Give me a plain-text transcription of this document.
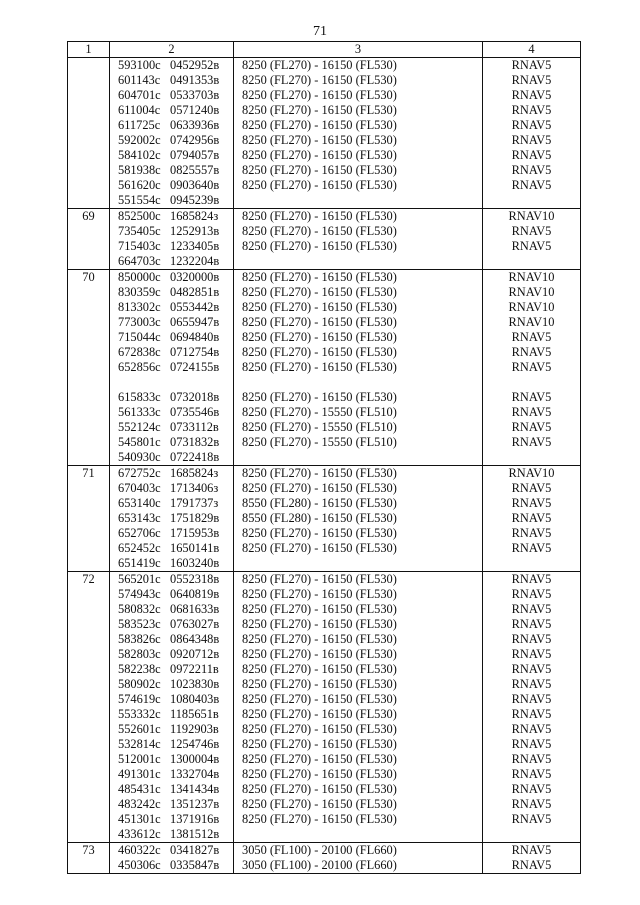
71
1	2	3	4
	593100с 0452952в	8250 (FL270) - 16150 (FL530)	RNAV5
	601143с 0491353в	8250 (FL270) - 16150 (FL530)	RNAV5
	604701с 0533703в	8250 (FL270) - 16150 (FL530)	RNAV5
	611004с 0571240в	8250 (FL270) - 16150 (FL530)	RNAV5
	611725с 0633936в	8250 (FL270) - 16150 (FL530)	RNAV5
	592002с 0742956в	8250 (FL270) - 16150 (FL530)	RNAV5
	584102с 0794057в	8250 (FL270) - 16150 (FL530)	RNAV5
	581938с 0825557в	8250 (FL270) - 16150 (FL530)	RNAV5
	561620с 0903640в	8250 (FL270) - 16150 (FL530)	RNAV5
	551554с 0945239в		
69	852500с 1685824з	8250 (FL270) - 16150 (FL530)	RNAV10
	735405с 1252913в	8250 (FL270) - 16150 (FL530)	RNAV5
	715403с 1233405в	8250 (FL270) - 16150 (FL530)	RNAV5
	664703с 1232204в		
70	850000с 0320000в	8250 (FL270) - 16150 (FL530)	RNAV10
	830359с 0482851в	8250 (FL270) - 16150 (FL530)	RNAV10
	813302с 0553442в	8250 (FL270) - 16150 (FL530)	RNAV10
	773003с 0655947в	8250 (FL270) - 16150 (FL530)	RNAV10
	715044с 0694840в	8250 (FL270) - 16150 (FL530)	RNAV5
	672838с 0712754в	8250 (FL270) - 16150 (FL530)	RNAV5
	652856с 0724155в	8250 (FL270) - 16150 (FL530)	RNAV5

	615833с 0732018в	8250 (FL270) - 16150 (FL530)	RNAV5
	561333с 0735546в	8250 (FL270) - 15550 (FL510)	RNAV5
	552124с 0733112в	8250 (FL270) - 15550 (FL510)	RNAV5
	545801с 0731832в	8250 (FL270) - 15550 (FL510)	RNAV5
	540930с 0722418в		
71	672752с 1685824з	8250 (FL270) - 16150 (FL530)	RNAV10
	670403с 1713406з	8250 (FL270) - 16150 (FL530)	RNAV5
	653140с 1791737з	8550 (FL280) - 16150 (FL530)	RNAV5
	653143с 1751829в	8550 (FL280) - 16150 (FL530)	RNAV5
	652706с 1715953в	8250 (FL270) - 16150 (FL530)	RNAV5
	652452с 1650141в	8250 (FL270) - 16150 (FL530)	RNAV5
	651419с 1603240в		
72	565201с 0552318в	8250 (FL270) - 16150 (FL530)	RNAV5
	574943с 0640819в	8250 (FL270) - 16150 (FL530)	RNAV5
	580832с 0681633в	8250 (FL270) - 16150 (FL530)	RNAV5
	583523с 0763027в	8250 (FL270) - 16150 (FL530)	RNAV5
	583826с 0864348в	8250 (FL270) - 16150 (FL530)	RNAV5
	582803с 0920712в	8250 (FL270) - 16150 (FL530)	RNAV5
	582238с 0972211в	8250 (FL270) - 16150 (FL530)	RNAV5
	580902с 1023830в	8250 (FL270) - 16150 (FL530)	RNAV5
	574619с 1080403в	8250 (FL270) - 16150 (FL530)	RNAV5
	553332с 1185651в	8250 (FL270) - 16150 (FL530)	RNAV5
	552601с 1192903в	8250 (FL270) - 16150 (FL530)	RNAV5
	532814с 1254746в	8250 (FL270) - 16150 (FL530)	RNAV5
	512001с 1300004в	8250 (FL270) - 16150 (FL530)	RNAV5
	491301с 1332704в	8250 (FL270) - 16150 (FL530)	RNAV5
	485431с 1341434в	8250 (FL270) - 16150 (FL530)	RNAV5
	483242с 1351237в	8250 (FL270) - 16150 (FL530)	RNAV5
	451301с 1371916в	8250 (FL270) - 16150 (FL530)	RNAV5
	433612с 1381512в		
73	460322с 0341827в	3050 (FL100) - 20100 (FL660)	RNAV5
	450306с 0335847в	3050 (FL100) - 20100 (FL660)	RNAV5
